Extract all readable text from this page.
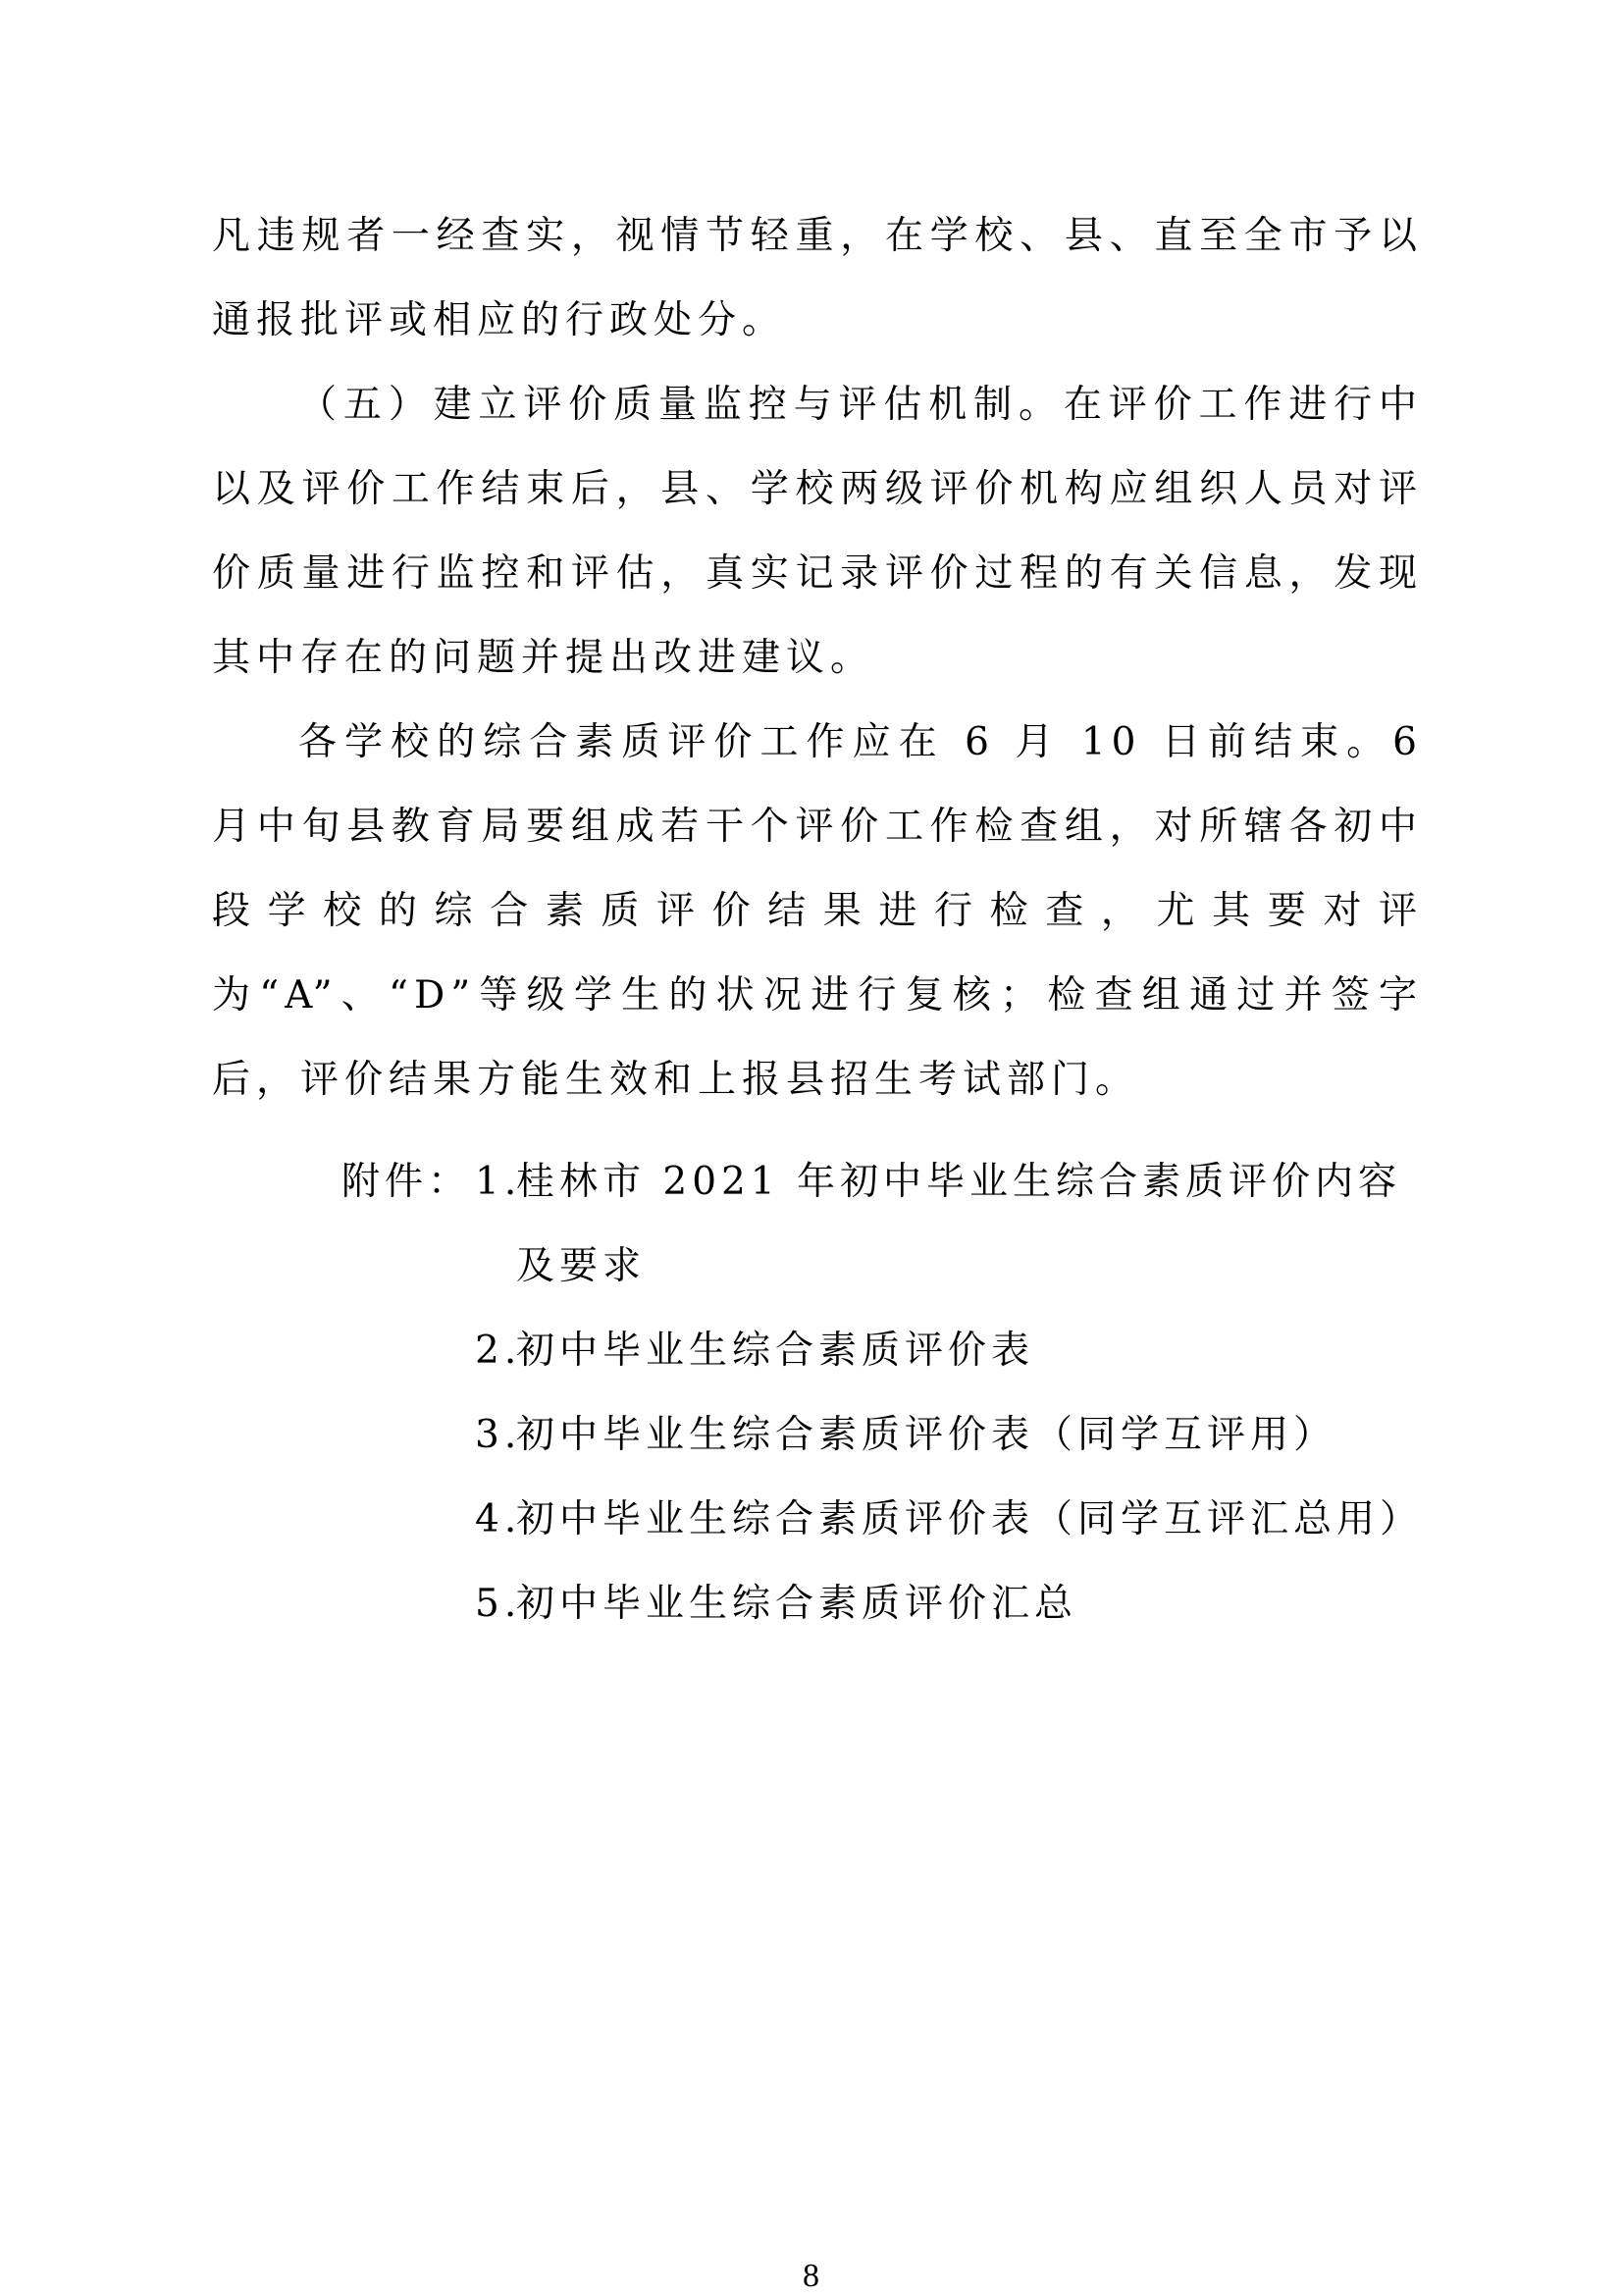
凡违规者一经查实，视情节轻重，在学校、县、直至全市予以通报批评或相应的行政处分。

（五）建立评价质量监控与评估机制。在评价工作进行中以及评价工作结束后，县、学校两级评价机构应组织人员对评价质量进行监控和评估，真实记录评价过程的有关信息，发现其中存在的问题并提出改进建议。

各学校的综合素质评价工作应在 6 月 10 日前结束。6 月中旬县教育局要组成若干个评价工作检查组，对所辖各初中段学校的综合素质评价结果进行检查，尤其要对评为“A”、“D”等级学生的状况进行复核；检查组通过并签字后，评价结果方能生效和上报县招生考试部门。

附件： 1.
桂林市 2021 年初中毕业生综合素质评价内容及要求
2.
初中毕业生综合素质评价表
3.
初中毕业生综合素质评价表（同学互评用）
4.
初中毕业生综合素质评价表（同学互评汇总用）
5.
初中毕业生综合素质评价汇总
8
